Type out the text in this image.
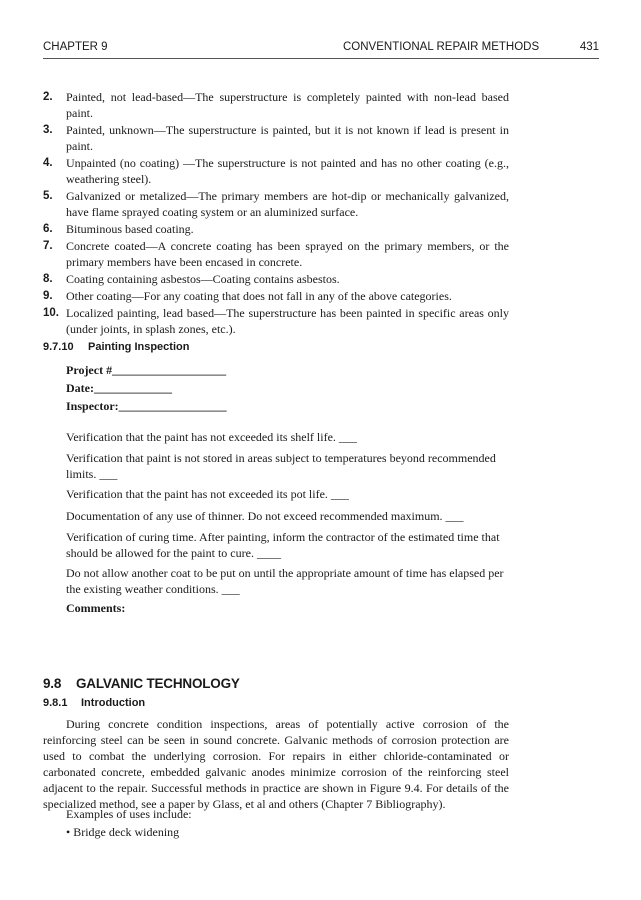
CHAPTER 9	CONVENTIONAL REPAIR METHODS	431
2. Painted, not lead-based—The superstructure is completely painted with non-lead based paint.
3. Painted, unknown—The superstructure is painted, but it is not known if lead is present in paint.
4. Unpainted (no coating) —The superstructure is not painted and has no other coating (e.g., weathering steel).
5. Galvanized or metalized—The primary members are hot-dip or mechanically galvanized, have flame sprayed coating system or an aluminized surface.
6. Bituminous based coating.
7. Concrete coated—A concrete coating has been sprayed on the primary members, or the primary members have been encased in concrete.
8. Coating containing asbestos—Coating contains asbestos.
9. Other coating—For any coating that does not fall in any of the above categories.
10. Localized painting, lead based—The superstructure has been painted in specific areas only (under joints, in splash zones, etc.).
9.7.10 Painting Inspection
Project #___________________
Date:_____________
Inspector:__________________
Verification that the paint has not exceeded its shelf life. ___
Verification that paint is not stored in areas subject to temperatures beyond recommended limits. ___
Verification that the paint has not exceeded its pot life. ___
Documentation of any use of thinner. Do not exceed recommended maximum. ___
Verification of curing time. After painting, inform the contractor of the estimated time that should be allowed for the paint to cure. ____
Do not allow another coat to be put on until the appropriate amount of time has elapsed per the existing weather conditions. ___
Comments:
9.8 GALVANIC TECHNOLOGY
9.8.1 Introduction
During concrete condition inspections, areas of potentially active corrosion of the reinforcing steel can be seen in sound concrete. Galvanic methods of corrosion protection are used to combat the underlying corrosion. For repairs in either chloride-contaminated or carbonated concrete, embedded galvanic anodes minimize corrosion of the reinforcing steel adjacent to the repair. Successful methods in practice are shown in Figure 9.4. For details of the specialized method, see a paper by Glass, et al and others (Chapter 7 Bibliography).
Examples of uses include:
• Bridge deck widening
